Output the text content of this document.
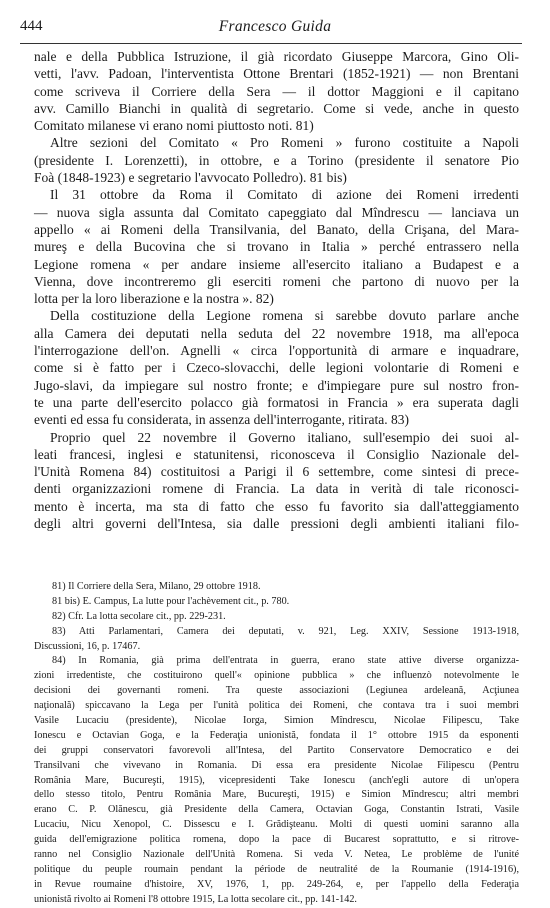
444	Francesco Guida
nale e della Pubblica Istruzione, il già ricordato Giuseppe Marcora, Gino Oli-
vetti, l'avv. Padoan, l'interventista Ottone Brentari (1852-1921) — non Brentani
come scriveva il Corriere della Sera — il dottor Maggioni e il capitano
avv. Camillo Bianchi in qualità di segretario. Come si vede, anche in questo
Comitato milanese vi erano nomi piuttosto noti. 81)
Altre sezioni del Comitato « Pro Romeni » furono costituite a Napoli
(presidente I. Lorenzetti), in ottobre, e a Torino (presidente il senatore Pio
Foà (1848-1923) e segretario l'avvocato Polledro). 81 bis)
Il 31 ottobre da Roma il Comitato di azione dei Romeni irredenti
— nuova sigla assunta dal Comitato capeggiato dal Mîndrescu — lanciava un
appello « ai Romeni della Transilvania, del Banato, della Crişana, del Mara-
mureş e della Bucovina che si trovano in Italia » perché entrassero nella
Legione romena « per andare insieme all'esercito italiano a Budapest e a
Vienna, dove incontreremo gli eserciti romeni che partono di nuovo per la
lotta per la loro liberazione e la nostra ». 82)
Della costituzione della Legione romena si sarebbe dovuto parlare anche
alla Camera dei deputati nella seduta del 22 novembre 1918, ma all'epoca
l'interrogazione dell'on. Agnelli « circa l'opportunità di armare e inquadrare,
come si è fatto per i Czeco-slovacchi, delle legioni volontarie di Romeni e
Jugo-slavi, da impiegare sul nostro fronte; e d'impiegare pure sul nostro fron-
te una parte dell'esercito polacco già formatosi in Francia » era superata dagli
eventi ed essa fu considerata, in assenza dell'interrogante, ritirata. 83)
Proprio quel 22 novembre il Governo italiano, sull'esempio dei suoi al-
leati francesi, inglesi e statunitensi, riconosceva il Consiglio Nazionale del-
l'Unità Romena 84) costituitosi a Parigi il 6 settembre, come sintesi di prece-
denti organizzazioni romene di Francia. La data in verità di tale riconosci-
mento è incerta, ma sta di fatto che esso fu favorito sia dall'atteggiamento
degli altri governi dell'Intesa, sia dalle pressioni degli ambienti italiani filo-
81) Il Corriere della Sera, Milano, 29 ottobre 1918.
81 bis) E. Campus, La lutte pour l'achèvement cit., p. 780.
82) Cfr. La lotta secolare cit., pp. 229-231.
83) Atti Parlamentari, Camera dei deputati, v. 921, Leg. XXIV, Sessione 1913-1918,
Discussioni, 16, p. 17467.
84) In Romania, già prima dell'entrata in guerra, erano state attive diverse organizza-
zioni irredentiste, che costituirono quell'« opinione pubblica » che influenzò notevolmente le
decisioni dei governanti romeni. Tra queste associazioni (Legiunea ardeleană, Acţiunea
naţională) spiccavano la Lega per l'unità politica dei Romeni, che contava tra i suoi membri
Vasile Lucaciu (presidente), Nicolae Iorga, Simion Mîndrescu, Nicolae Filipescu, Take
Ionescu e Octavian Goga, e la Federaţia unionistă, fondata il 1° ottobre 1915 da esponenti
dei gruppi conservatori favorevoli all'Intesa, del Partito Conservatore Democratico e dei
Transilvani che vivevano in Romania. Di essa era presidente Nicolae Filipescu (Pentru
România Mare, Bucureşti, 1915), vicepresidenti Take Ionescu (anch'egli autore di un'opera
dello stesso titolo, Pentru România Mare, Bucureşti, 1915) e Simion Mîndrescu; altri membri
erano C. P. Olănescu, già Presidente della Camera, Octavian Goga, Constantin Istrati, Vasile
Lucaciu, Nicu Xenopol, C. Dissescu e I. Grădişteanu. Molti di questi uomini saranno alla
guida dell'emigrazione politica romena, dopo la pace di Bucarest soprattutto, e si ritrove-
ranno nel Consiglio Nazionale dell'Unità Romena. Si veda V. Netea, Le problème de l'unité
politique du peuple roumain pendant la période de neutralité de la Roumanie (1914-1916),
in Revue roumaine d'histoire, XV, 1976, 1, pp. 249-264, e, per l'appello della Federaţia
unionistă rivolto ai Romeni l'8 ottobre 1915, La lotta secolare cit., pp. 141-142.
